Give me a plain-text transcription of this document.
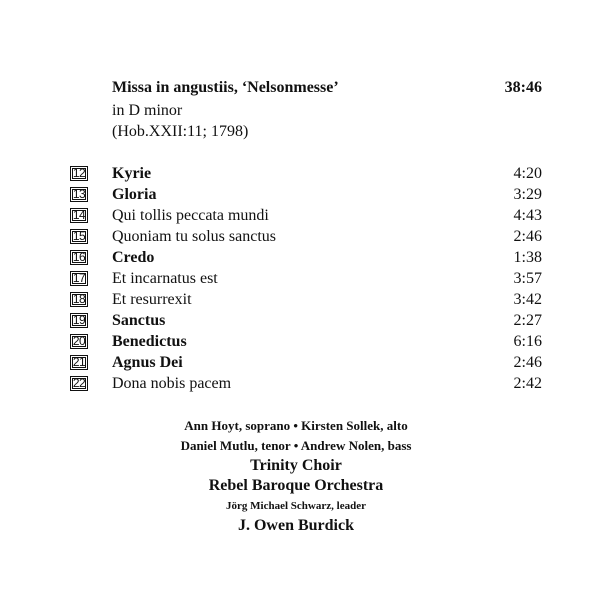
Missa in angustiis, ‘Nelsonmesse’	38:46
in D minor
(Hob.XXII:11; 1798)
12 Kyrie	4:20
13 Gloria	3:29
14 Qui tollis peccata mundi	4:43
15 Quoniam tu solus sanctus	2:46
16 Credo	1:38
17 Et incarnatus est	3:57
18 Et resurrexit	3:42
19 Sanctus	2:27
20 Benedictus	6:16
21 Agnus Dei	2:46
22 Dona nobis pacem	2:42
Ann Hoyt, soprano • Kirsten Sollek, alto
Daniel Mutlu, tenor • Andrew Nolen, bass
Trinity Choir
Rebel Baroque Orchestra
Jörg Michael Schwarz, leader
J. Owen Burdick
